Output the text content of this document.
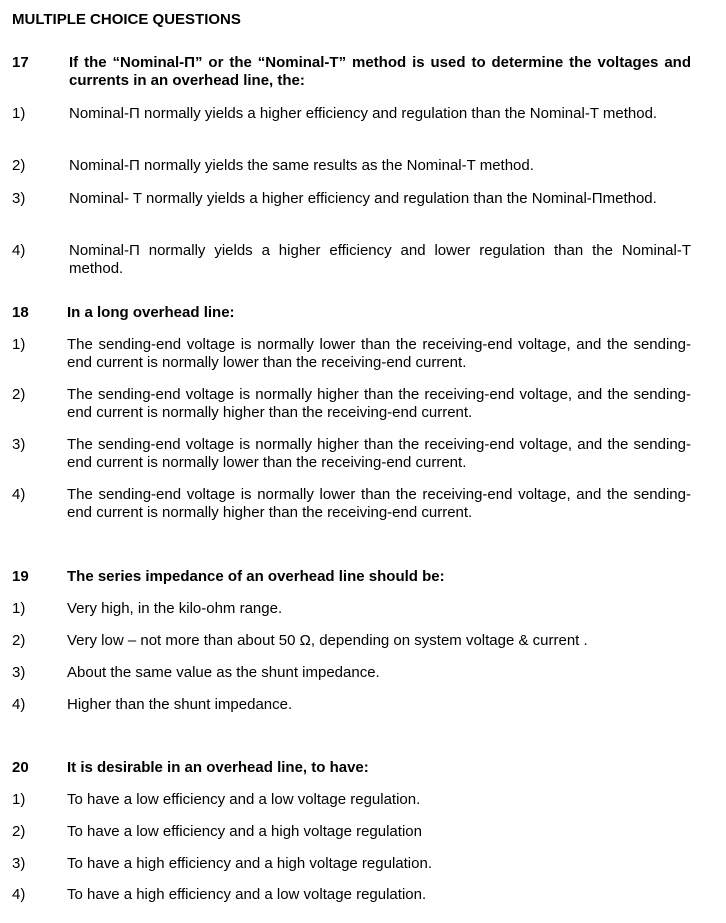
MULTIPLE CHOICE QUESTIONS
17	If the “Nominal-Π” or the “Nominal-T” method is used to determine the voltages and currents in an overhead line, the:
1)	Nominal-Π normally yields a higher efficiency and regulation than the Nominal-T method.
2)	Nominal-Π normally yields the same results as the Nominal-T method.
3)	Nominal- T normally yields a higher efficiency and regulation than the Nominal-Πmethod.
4)	Nominal-Π normally yields a higher efficiency and lower regulation than the Nominal-T method.
18	In a long overhead line:
1)	The sending-end voltage is normally lower than the receiving-end voltage, and the sending-end current is normally lower than the receiving-end current.
2)	The sending-end voltage is normally higher than the receiving-end voltage, and the sending-end current is normally higher than the receiving-end current.
3)	The sending-end voltage is normally higher than the receiving-end voltage, and the sending-end current is normally lower than the receiving-end current.
4)	The sending-end voltage is normally lower than the receiving-end voltage, and the sending-end current is normally higher than the receiving-end current.
19	The series impedance of an overhead line should be:
1)	Very high, in the kilo-ohm range.
2)	Very low – not more than about 50 Ω, depending on system voltage & current .
3)	About the same value as the shunt impedance.
4)	Higher than the shunt impedance.
20	It is desirable in an overhead line, to have:
1)	To have a low efficiency and a low voltage regulation.
2)	To have a low efficiency and a high voltage regulation
3)	To have a high efficiency and a high voltage regulation.
4)	To have a high efficiency and a low voltage regulation.
